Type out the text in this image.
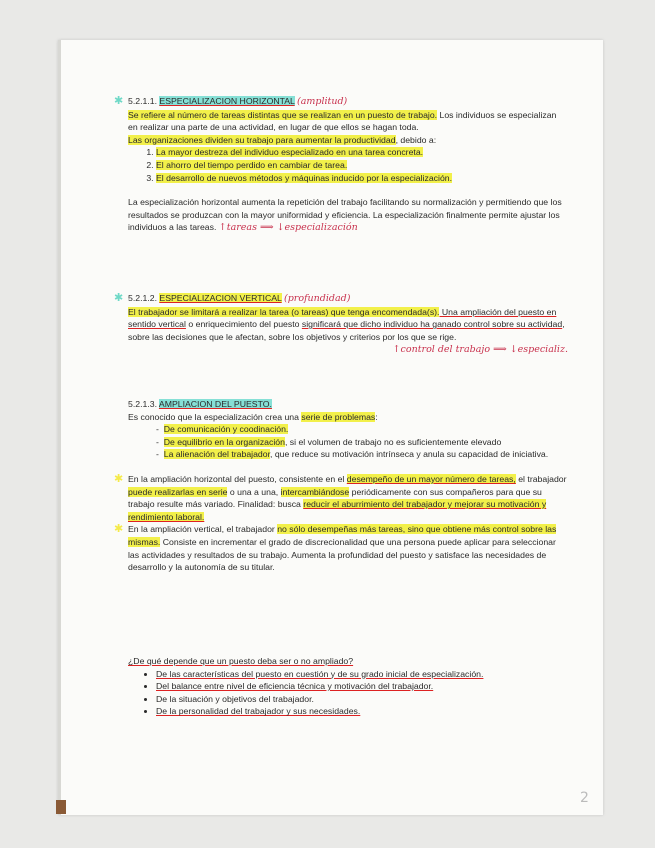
✱ 5.2.1.1. ESPECIALIZACION HORIZONTAL (amplitud)

Se refiere al número de tareas distintas que se realizan en un puesto de trabajo. Los individuos se especializan en realizar una parte de una actividad, en lugar de que ellos se hagan toda.

Las organizaciones dividen su trabajo para aumentar la productividad, debido a:

1. La mayor destreza del individuo especializado en una tarea concreta.
2. El ahorro del tiempo perdido en cambiar de tarea.
3. El desarrollo de nuevos métodos y máquinas inducido por la especialización.

La especialización horizontal aumenta la repetición del trabajo facilitando su normalización y permitiendo que los resultados se produzcan con la mayor uniformidad y eficiencia. La especialización finalmente permite ajustar los individuos a las tareas. ↑tareas ⟹ ↓especialización

✱ 5.2.1.2. ESPECIALIZACION VERTICAL (profundidad)

El trabajador se limitará a realizar la tarea (o tareas) que tenga encomendada(s). Una ampliación del puesto en sentido vertical o enriquecimiento del puesto significará que dicho individuo ha ganado control sobre su actividad, sobre las decisiones que le afectan, sobre los objetivos y criterios por los que se rige.

↑control del trabajo ⟹ ↓especializ.

5.2.1.3. AMPLIACION DEL PUESTO.

Es conocido que la especialización crea una serie de problemas:

-  De comunicación y coodinación.
-  De equilibrio en la organización, si el volumen de trabajo no es suficientemente elevado
-  La alienación del trabajador, que reduce su motivación intrínseca y anula su capacidad de iniciativa.

✱ En la ampliación horizontal del puesto, consistente en el desempeño de un mayor número de tareas, el trabajador puede realizarlas en serie o una a una, intercambiándose periódicamente con sus compañeros para que su trabajo resulte más variado. Finalidad: busca reducir el aburrimiento del trabajador y mejorar su motivación y rendimiento laboral.

✱ En la ampliación vertical, el trabajador no sólo desempeñas más tareas, sino que obtiene más control sobre las mismas. Consiste en incrementar el grado de discrecionalidad que una persona puede aplicar para seleccionar las actividades y resultados de su trabajo. Aumenta la profundidad del puesto y satisface las necesidades de desarrollo y la autonomía de su titular.

¿De qué depende que un puesto deba ser o no ampliado?

• De las características del puesto en cuestión y de su grado inicial de especialización.
• Del balance entre nivel de eficiencia técnica y motivación del trabajador.
• De la situación y objetivos del trabajador.
• De la personalidad del trabajador y sus necesidades.
2
